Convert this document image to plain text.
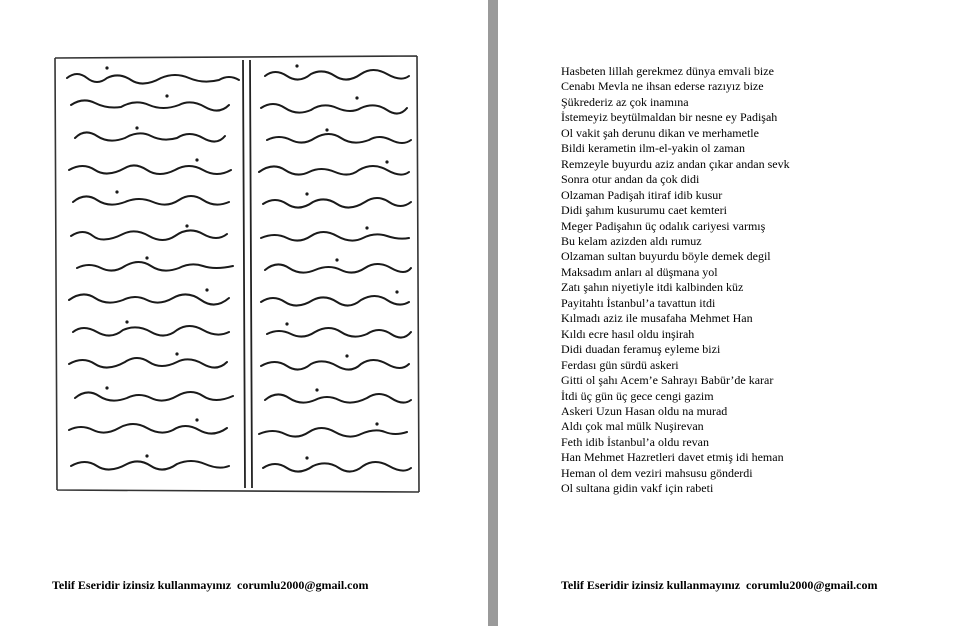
Telif Eseridir izinsiz kullanmayınız  corumlu2000@gmail.com
Hasbeten lillah gerekmez dünya emvali bize
Cenabı Mevla ne ihsan ederse razıyız bize
Şükrederiz az çok inamına
İstemeyiz beytülmaldan bir nesne ey Padişah
Ol vakit şah derunu dikan ve merhametle
Bildi kerametin ilm-el-yakin ol zaman
Remzeyle buyurdu aziz andan çıkar andan sevk
Sonra otur andan da çok didi
Olzaman Padişah itiraf idib kusur
Didi şahım kusurumu caet kemteri
Meger Padişahın üç odalık cariyesi varmış
Bu kelam azizden aldı rumuz
Olzaman sultan buyurdu böyle demek degil
Maksadım anları al düşmana yol
Zatı şahın niyetiyle itdi kalbinden küz
Payitahtı İstanbul’a tavattun itdi
Kılmadı aziz ile musafaha Mehmet Han
Kıldı ecre hasıl oldu inşirah
Didi duadan feramuş eyleme bizi
Ferdası gün sürdü askeri
Gitti ol şahı Acem’e Sahrayı Babür’de karar
İtdi üç gün üç gece cengi gazim
Askeri Uzun Hasan oldu na murad
Aldı çok mal mülk Nuşirevan
Feth idib İstanbul’a oldu revan
Han Mehmet Hazretleri davet etmiş idi heman
Heman ol dem veziri mahsusu gönderdi
Ol sultana gidin vakf için rabeti
Telif Eseridir izinsiz kullanmayınız  corumlu2000@gmail.com
